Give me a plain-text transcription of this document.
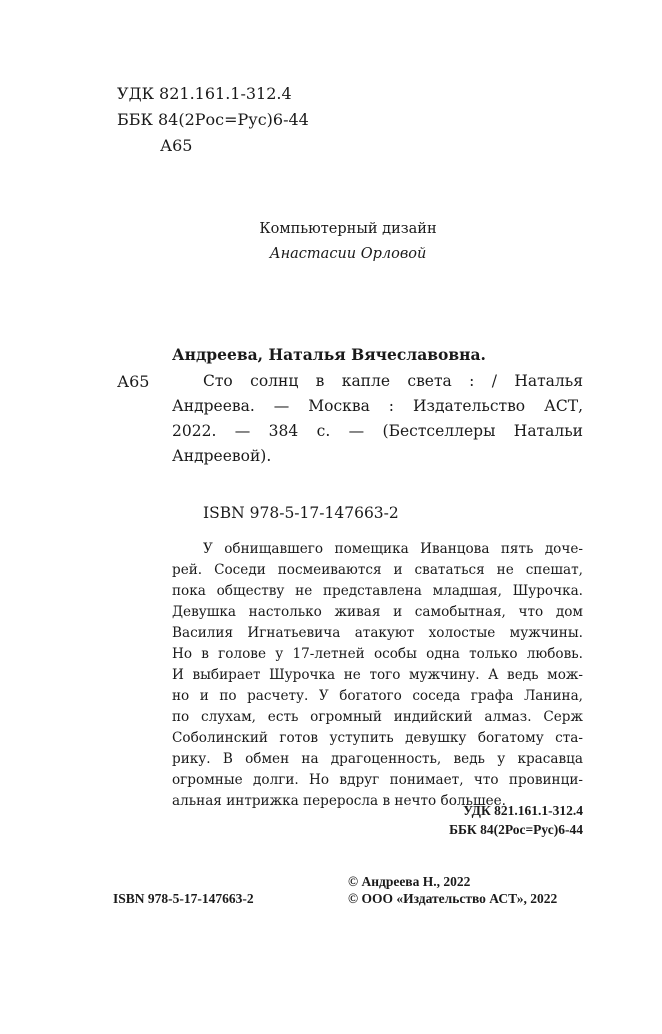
УДК 821.161.1-312.4
ББК 84(2Рос=Рус)6-44
А65
Компьютерный дизайн
Анастасии Орловой
Андреева, Наталья Вячеславовна.
А65	Сто солнц в капле света : / Наталья
Андреева. — Москва : Издательство АСТ,
2022. — 384 с. — (Бестселлеры Натальи
Андреевой).
ISBN 978-5-17-147663-2
У обнищавшего помещика Иванцова пять доче-
рей. Соседи посмеиваются и свататься не спешат,
пока обществу не представлена младшая, Шурочка.
Девушка настолько живая и самобытная, что дом
Василия Игнатьевича атакуют холостые мужчины.
Но в голове у 17-летней особы одна только любовь.
И выбирает Шурочка не того мужчину. А ведь мож-
но и по расчету. У богатого соседа графа Ланина,
по слухам, есть огромный индийский алмаз. Серж
Соболинский готов уступить девушку богатому ста-
рику. В обмен на драгоценность, ведь у красавца
огромные долги. Но вдруг понимает, что провинци-
альная интрижка переросла в нечто большее.
УДК 821.161.1-312.4
ББК 84(2Рос=Рус)6-44
© Андреева Н., 2022
ISBN 978-5-17-147663-2	© ООО «Издательство АСТ», 2022
